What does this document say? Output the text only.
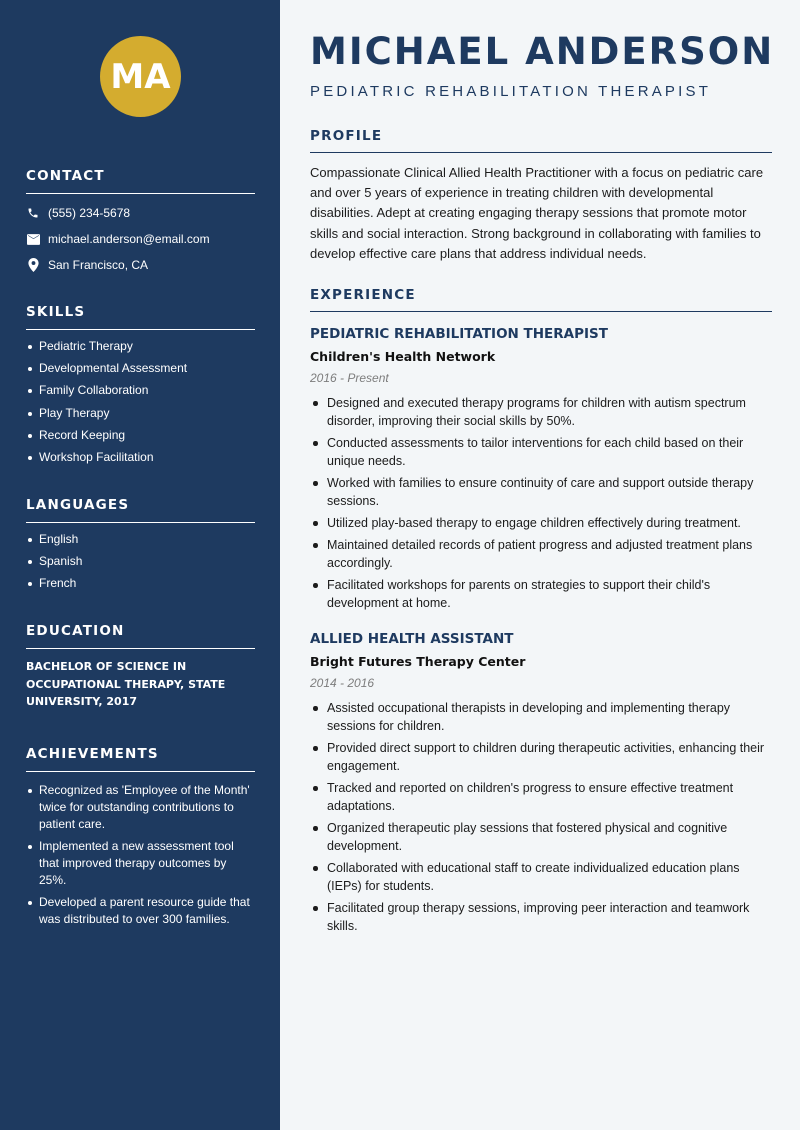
MA
CONTACT
(555) 234-5678
michael.anderson@email.com
San Francisco, CA
SKILLS
Pediatric Therapy
Developmental Assessment
Family Collaboration
Play Therapy
Record Keeping
Workshop Facilitation
LANGUAGES
English
Spanish
French
EDUCATION
BACHELOR OF SCIENCE IN OCCUPATIONAL THERAPY, STATE UNIVERSITY, 2017
ACHIEVEMENTS
Recognized as 'Employee of the Month' twice for outstanding contributions to patient care.
Implemented a new assessment tool that improved therapy outcomes by 25%.
Developed a parent resource guide that was distributed to over 300 families.
MICHAEL ANDERSON
PEDIATRIC REHABILITATION THERAPIST
PROFILE
Compassionate Clinical Allied Health Practitioner with a focus on pediatric care and over 5 years of experience in treating children with developmental disabilities. Adept at creating engaging therapy sessions that promote motor skills and social interaction. Strong background in collaborating with families to develop effective care plans that address individual needs.
EXPERIENCE
PEDIATRIC REHABILITATION THERAPIST
Children's Health Network
2016 - Present
Designed and executed therapy programs for children with autism spectrum disorder, improving their social skills by 50%.
Conducted assessments to tailor interventions for each child based on their unique needs.
Worked with families to ensure continuity of care and support outside therapy sessions.
Utilized play-based therapy to engage children effectively during treatment.
Maintained detailed records of patient progress and adjusted treatment plans accordingly.
Facilitated workshops for parents on strategies to support their child's development at home.
ALLIED HEALTH ASSISTANT
Bright Futures Therapy Center
2014 - 2016
Assisted occupational therapists in developing and implementing therapy sessions for children.
Provided direct support to children during therapeutic activities, enhancing their engagement.
Tracked and reported on children's progress to ensure effective treatment adaptations.
Organized therapeutic play sessions that fostered physical and cognitive development.
Collaborated with educational staff to create individualized education plans (IEPs) for students.
Facilitated group therapy sessions, improving peer interaction and teamwork skills.
